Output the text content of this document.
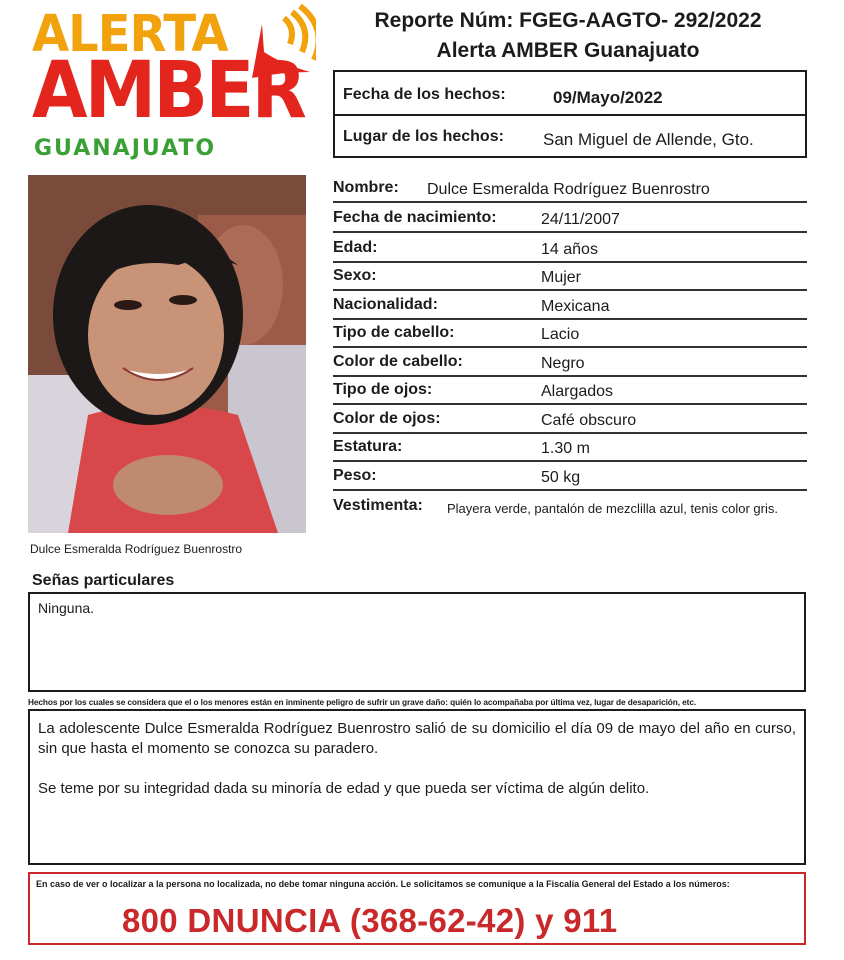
ALERTA
AMBER
GUANAJUATO
Reporte Núm: FGEG-AAGTO- 292/2022
Alerta AMBER Guanajuato
Fecha de los hechos:	09/Mayo/2022
Lugar de los hechos: San Miguel de Allende, Gto.
Dulce Esmeralda Rodríguez Buenrostro
Nombre: Dulce Esmeralda Rodríguez Buenrostro
Fecha de nacimiento:	24/11/2007
Edad:	14 años
Sexo:	Mujer
Nacionalidad:	Mexicana
Tipo de cabello:	Lacio
Color de cabello:	Negro
Tipo de ojos:	Alargados
Color de ojos:	Café obscuro
Estatura:	1.30 m
Peso:	50 kg
Vestimenta: Playera verde, pantalón de mezclilla azul, tenis color gris.
Señas particulares
Ninguna.
Hechos por los cuales se considera que el o los menores están en inminente peligro de sufrir un grave daño: quién lo acompañaba por última vez, lugar de desaparición, etc.

La adolescente Dulce Esmeralda Rodríguez Buenrostro salió de su domicilio el día 09 de mayo del año en curso, sin que hasta el momento se conozca su paradero.

Se teme por su integridad dada su minoría de edad y que pueda ser víctima de algún delito.

En caso de ver o localizar a la persona no localizada, no debe tomar ninguna acción. Le solicitamos se comunique a la Fiscalía General del Estado a los números:
800 DNUNCIA (368-62-42) y 911
